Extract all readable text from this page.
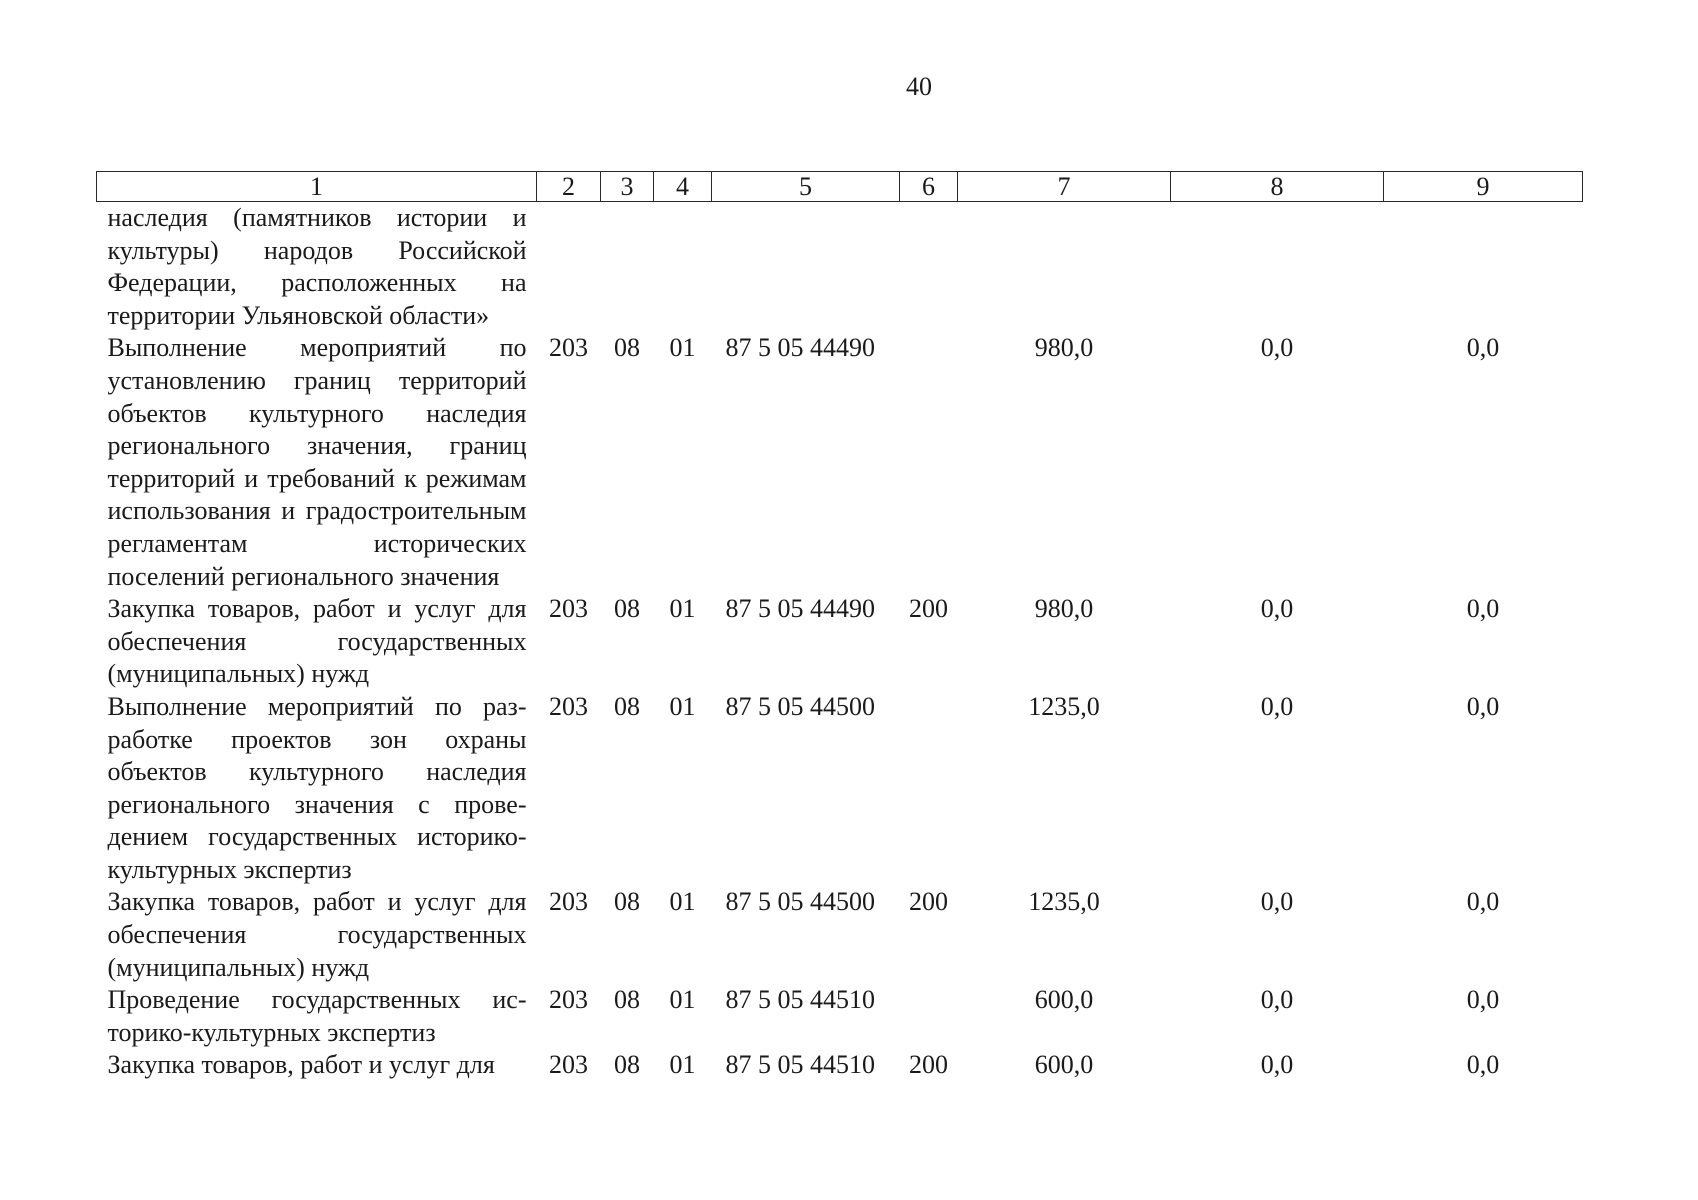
40
1	2	3	4	5	6	7	8	9
наследия (памятников истории и культуры) народов Российской Федерации, расположенных на территории Ульяновской области»								
Выполнение мероприятий по установлению границ территорий объектов культурного наследия регионального значения, границ территорий и требований к режимам использования и градостроительным регламентам исторических поселений регионального значения	203	08	01	87 5 05 44490		980,0	0,0	0,0
Закупка товаров, работ и услуг для обеспечения государственных (муниципальных) нужд	203	08	01	87 5 05 44490	200	980,0	0,0	0,0
Выполнение мероприятий по разработке проектов зон охраны объектов культурного наследия регионального значения с проведением государственных историко-культурных экспертиз	203	08	01	87 5 05 44500		1235,0	0,0	0,0
Закупка товаров, работ и услуг для обеспечения государственных (муниципальных) нужд	203	08	01	87 5 05 44500	200	1235,0	0,0	0,0
Проведение государственных историко-культурных экспертиз	203	08	01	87 5 05 44510		600,0	0,0	0,0
Закупка товаров, работ и услуг для	203	08	01	87 5 05 44510	200	600,0	0,0	0,0
